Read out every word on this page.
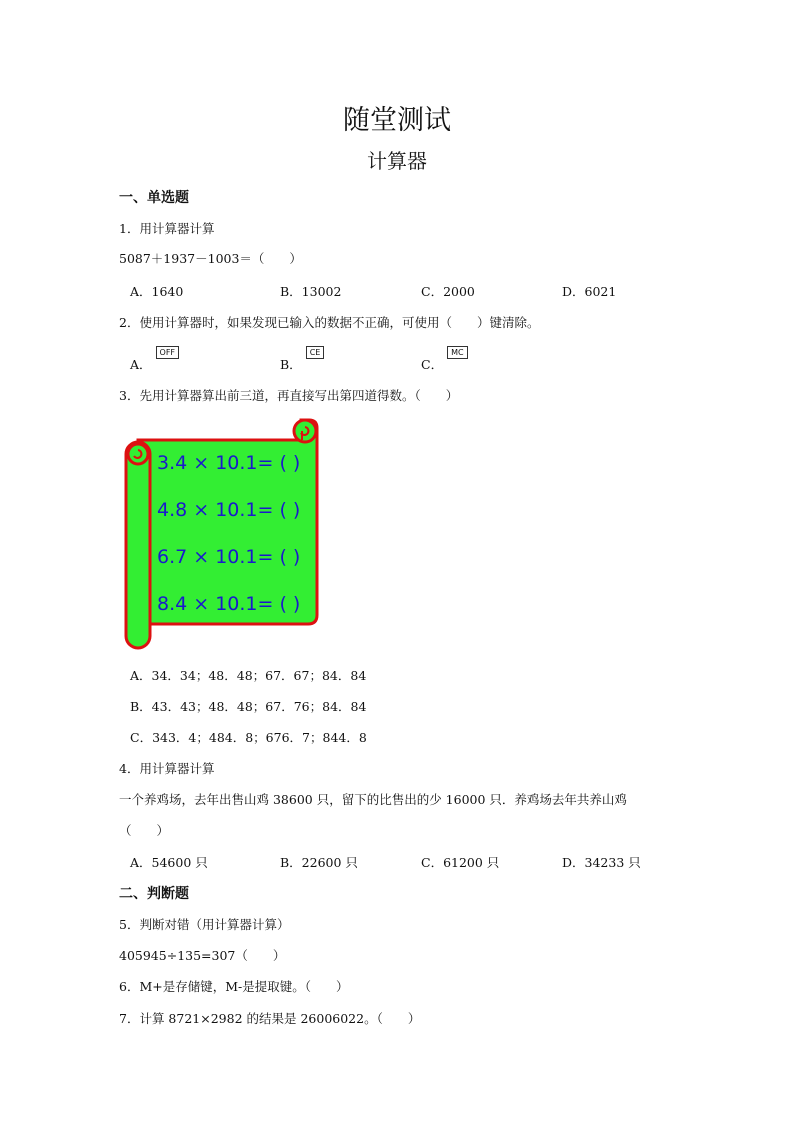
随堂测试
计算器
一、单选题
1．用计算器计算
5087＋1937－1003＝（　　）
A．1640	B．13002	C．2000	D．6021
2．使用计算器时，如果发现已输入的数据不正确，可使用（　　）键清除。
A．OFF
B．CE
C．MC
3．先用计算器算出前三道，再直接写出第四道得数。（　　）
3.4 × 10.1= ( )
4.8 × 10.1= ( )
6.7 × 10.1= ( )
8.4 × 10.1= ( )
A．34．34；48．48；67．67；84．84
B．43．43；48．48；67．76；84．84
C．343．4；484．8；676．7；844．8
4．用计算器计算
一个养鸡场，去年出售山鸡 38600 只，留下的比售出的少 16000 只．养鸡场去年共养山鸡
（　　）
A．54600 只	B．22600 只	C．61200 只	D．34233 只
二、判断题
5．判断对错（用计算器计算）
405945÷135=307（　　）
6．M+是存储键，M-是提取键。（　　）
7．计算 8721×2982 的结果是 26006022。（　　）
